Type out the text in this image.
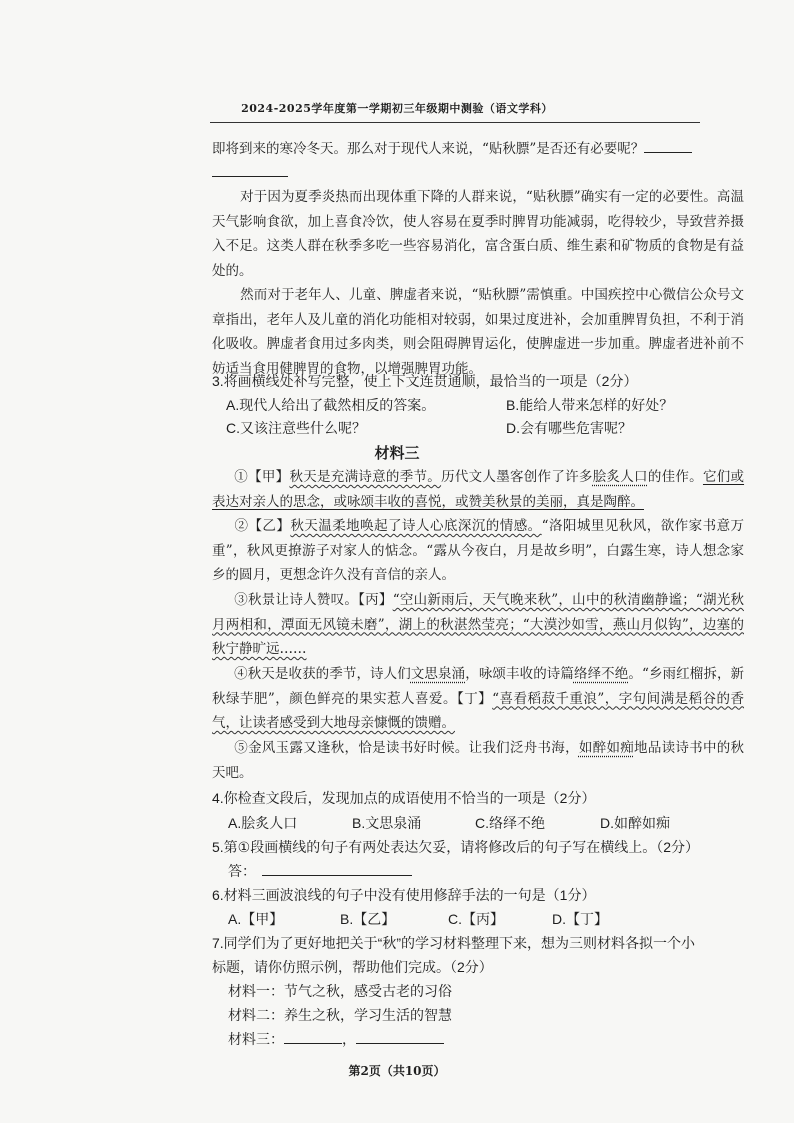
2024-2025学年度第一学期初三年级期中测验（语文学科）
即将到来的寒冷冬天。那么对于现代人来说，“贴秋膘”是否还有必要呢？
对于因为夏季炎热而出现体重下降的人群来说，“贴秋膘”确实有一定的必要性。高温天气影响食欲，加上喜食冷饮，使人容易在夏季时脾胃功能减弱，吃得较少，导致营养摄入不足。这类人群在秋季多吃一些容易消化，富含蛋白质、维生素和矿物质的食物是有益处的。
然而对于老年人、儿童、脾虚者来说，“贴秋膘”需慎重。中国疾控中心微信公众号文章指出，老年人及儿童的消化功能相对较弱，如果过度进补，会加重脾胃负担，不利于消化吸收。脾虚者食用过多肉类，则会阻碍脾胃运化，使脾虚进一步加重。脾虚者进补前不妨适当食用健脾胃的食物，以增强脾胃功能。
3.将画横线处补写完整，使上下文连贯通顺，最恰当的一项是（2分）
A.现代人给出了截然相反的答案。	B.能给人带来怎样的好处？
C.又该注意些什么呢？	D.会有哪些危害呢？
材料三
①【甲】秋天是充满诗意的季节。历代文人墨客创作了许多脍炙人口的佳作。它们或表达对亲人的思念，或咏颂丰收的喜悦，或赞美秋景的美丽，真是陶醉。
②【乙】秋天温柔地唤起了诗人心底深沉的情感。“洛阳城里见秋风，欲作家书意万重”，秋风更撩游子对家人的惦念。“露从今夜白，月是故乡明”，白露生寒，诗人想念家乡的圆月，更想念许久没有音信的亲人。
③秋景让诗人赞叹。【丙】“空山新雨后，天气晚来秋”，山中的秋清幽静谧；“湖光秋月两相和，潭面无风镜未磨”，湖上的秋湛然莹亮；“大漠沙如雪，燕山月似钩”，边塞的秋宁静旷远……
④秋天是收获的季节，诗人们文思泉涌，咏颂丰收的诗篇络绎不绝。“乡雨红榴拆，新秋绿芋肥”，颜色鲜亮的果实惹人喜爱。【丁】“喜看稻菽千重浪”，字句间满是稻谷的香气，让读者感受到大地母亲慷慨的馈赠。
⑤金风玉露又逢秋，恰是读书好时候。让我们泛舟书海，如醉如痴地品读诗书中的秋天吧。
4.你检查文段后，发现加点的成语使用不恰当的一项是（2分）
A.脍炙人口	B.文思泉涌	C.络绎不绝	D.如醉如痴
5.第①段画横线的句子有两处表达欠妥，请将修改后的句子写在横线上。（2分）
答：
6.材料三画波浪线的句子中没有使用修辞手法的一句是（1分）
A.【甲】	B.【乙】	C.【丙】	D.【丁】
7.同学们为了更好地把关于“秋”的学习材料整理下来，想为三则材料各拟一个小
标题，请你仿照示例，帮助他们完成。（2分）
材料一：节气之秋，感受古老的习俗
材料二：养生之秋，学习生活的智慧
材料三：	，
第2页（共10页）
